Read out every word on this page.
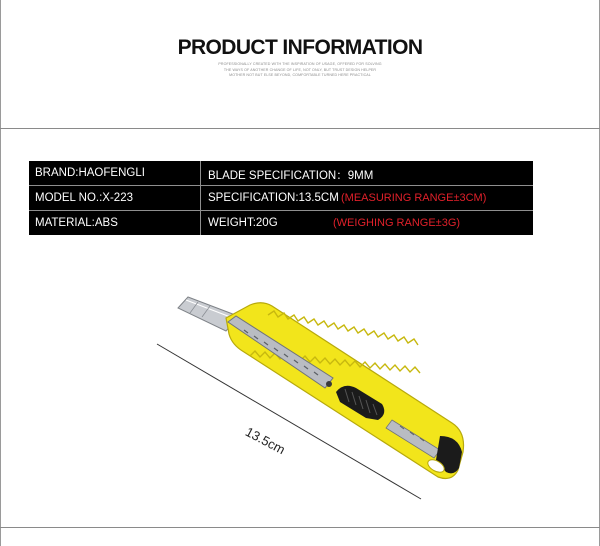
PRODUCT INFORMATION
PROFESSIONALLY CREATED WITH THE INSPIRATION OF USAGE, OFFERED FOR SOLVING
THE WAYS OF ANOTHER CHANGE OF LIFE, NOT ONLY, BUT TRUST DESIGN HELPER
MOTHER NOT BUT ELSE BEYOND, COMFORTABLE TURNED HERE PRACTICAL
BRAND:HAOFENGLI	BLADE SPECIFICATION：9MM
MODEL NO.:X-223	SPECIFICATION:13.5CM (MEASURING RANGE±3CM)
MATERIAL:ABS	WEIGHT:20G	(WEIGHING RANGE±3G)
13.5cm
